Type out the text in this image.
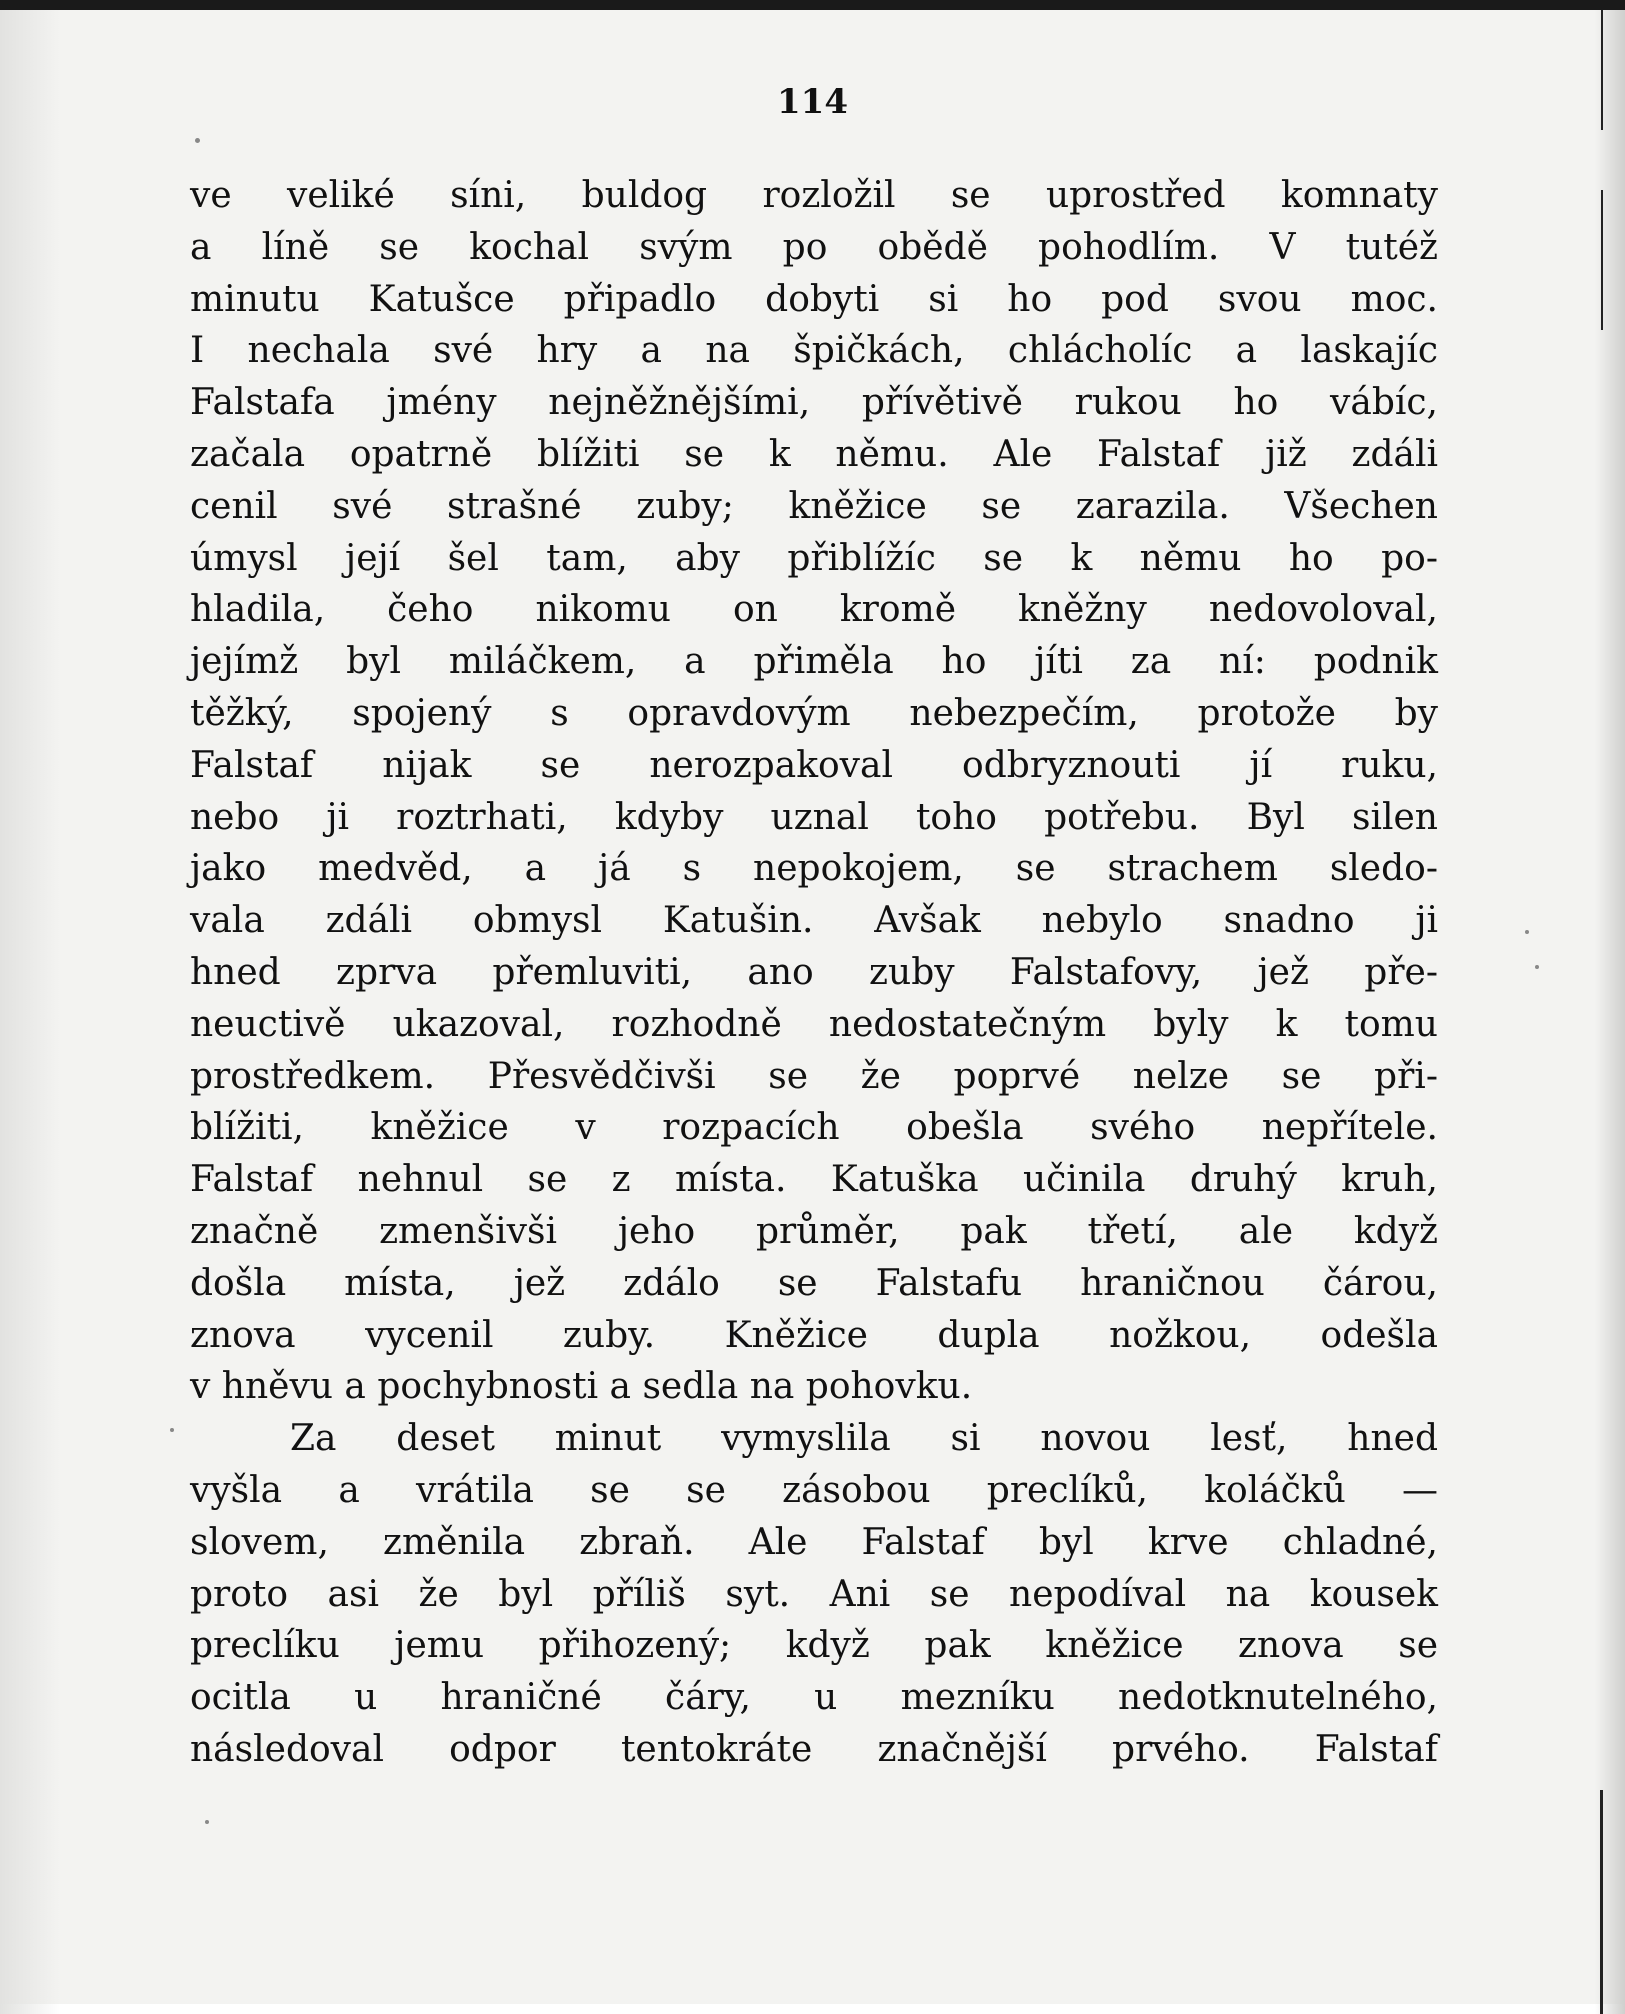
114
ve veliké síni, buldog rozložil se uprostřed komnaty
a líně se kochal svým po obědě pohodlím. V tutéž
minutu Katušce připadlo dobyti si ho pod svou moc.
I nechala své hry a na špičkách, chlácholíc a laskajíc
Falstafa jmény nejněžnějšími, přívětivě rukou ho vábíc,
začala opatrně blížiti se k němu. Ale Falstaf již zdáli
cenil své strašné zuby; kněžice se zarazila. Všechen
úmysl její šel tam, aby přiblížíc se k němu ho po-
hladila, čeho nikomu on kromě kněžny nedovoloval,
jejímž byl miláčkem, a přiměla ho jíti za ní: podnik
těžký, spojený s opravdovým nebezpečím, protože by
Falstaf nijak se nerozpakoval odbryznouti jí ruku,
nebo ji roztrhati, kdyby uznal toho potřebu. Byl silen
jako medvěd, a já s nepokojem, se strachem sledo-
vala zdáli obmysl Katušin. Avšak nebylo snadno ji
hned zprva přemluviti, ano zuby Falstafovy, jež pře-
neuctivě ukazoval, rozhodně nedostatečným byly k tomu
prostředkem. Přesvědčivši se že poprvé nelze se při-
blížiti, kněžice v rozpacích obešla svého nepřítele.
Falstaf nehnul se z místa. Katuška učinila druhý kruh,
značně zmenšivši jeho průměr, pak třetí, ale když
došla místa, jež zdálo se Falstafu hraničnou čárou,
znova vycenil zuby. Kněžice dupla nožkou, odešla
v hněvu a pochybnosti a sedla na pohovku.
Za deset minut vymyslila si novou lesť, hned
vyšla a vrátila se se zásobou preclíků, koláčků —
slovem, změnila zbraň. Ale Falstaf byl krve chladné,
proto asi že byl příliš syt. Ani se nepodíval na kousek
preclíku jemu přihozený; když pak kněžice znova se
ocitla u hraničné čáry, u mezníku nedotknutelného,
následoval odpor tentokráte značnější prvého. Falstaf
